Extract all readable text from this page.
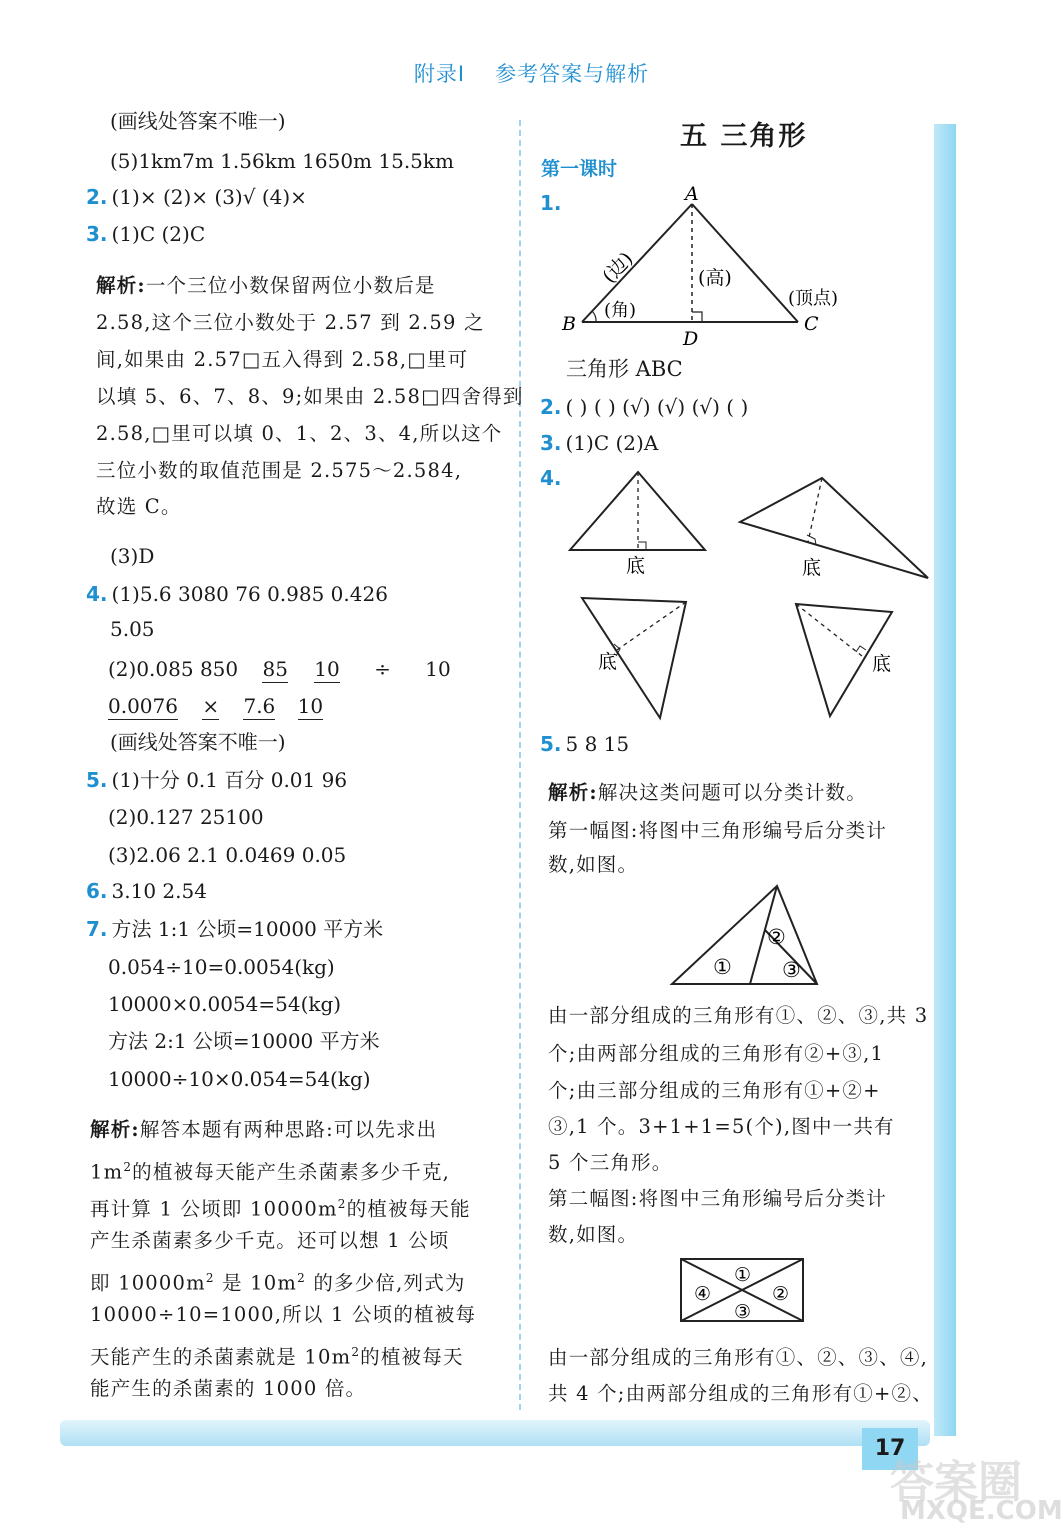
附录Ⅰ 参考答案与解析
(画线处答案不唯一)
(5)1km7m 1.56km 1650m 15.5km
2. (1)× (2)× (3)√ (4)×
3. (1)C (2)C
解析:一个三位小数保留两位小数后是
2.58,这个三位小数处于 2.57 到 2.59 之
间,如果由 2.57□五入得到 2.58,□里可
以填 5、6、7、8、9;如果由 2.58□四舍得到
2.58,□里可以填 0、1、2、3、4,所以这个
三位小数的取值范围是 2.575～2.584,
故选 C。
(3)D
4. (1)5.6 3080 76 0.985 0.426
5.05
(2)0.085 850 85 10 ÷ 10
0.0076 × 7.6 10
(画线处答案不唯一)
5. (1)十分 0.1 百分 0.01 96
(2)0.127 25100
(3)2.06 2.1 0.0469 0.05
6. 3.10 2.54
7. 方法 1:1 公顷=10000 平方米
0.054÷10=0.0054(kg)
10000×0.0054=54(kg)
方法 2:1 公顷=10000 平方米
10000÷10×0.054=54(kg)
解析:解答本题有两种思路:可以先求出
$1m^2$的植被每天能产生杀菌素多少千克,
再计算 1 公顷即 $10000m^2$的植被每天能
产生杀菌素多少千克。还可以想 1 公顷
即 $10000m^2$ 是 $10m^2$ 的多少倍,列式为
10000÷10=1000,所以 1 公顷的植被每
天能产生的杀菌素就是 $10m^2$的植被每天
能产生的杀菌素的 1000 倍。
五 三角形
第一课时
1.	A
B	C
D
(边)	(高)
(顶点)
(角)
三角形 ABC
2. ( ) ( ) (√) (√) (√) ( )
3. (1)C (2)A
4.
底	底
底	底
5. 5 8 15
解析:解决这类问题可以分类计数。
第一幅图:将图中三角形编号后分类计
数,如图。
①
②
③
由一部分组成的三角形有①、②、③,共 3
个;由两部分组成的三角形有②+③,1
个;由三部分组成的三角形有①+②+
③,1 个。3+1+1=5(个),图中一共有
5 个三角形。
第二幅图:将图中三角形编号后分类计
数,如图。
①
②
③
④
由一部分组成的三角形有①、②、③、④,
共 4 个;由两部分组成的三角形有①+②、
17
答案圈
MXQE.COM
